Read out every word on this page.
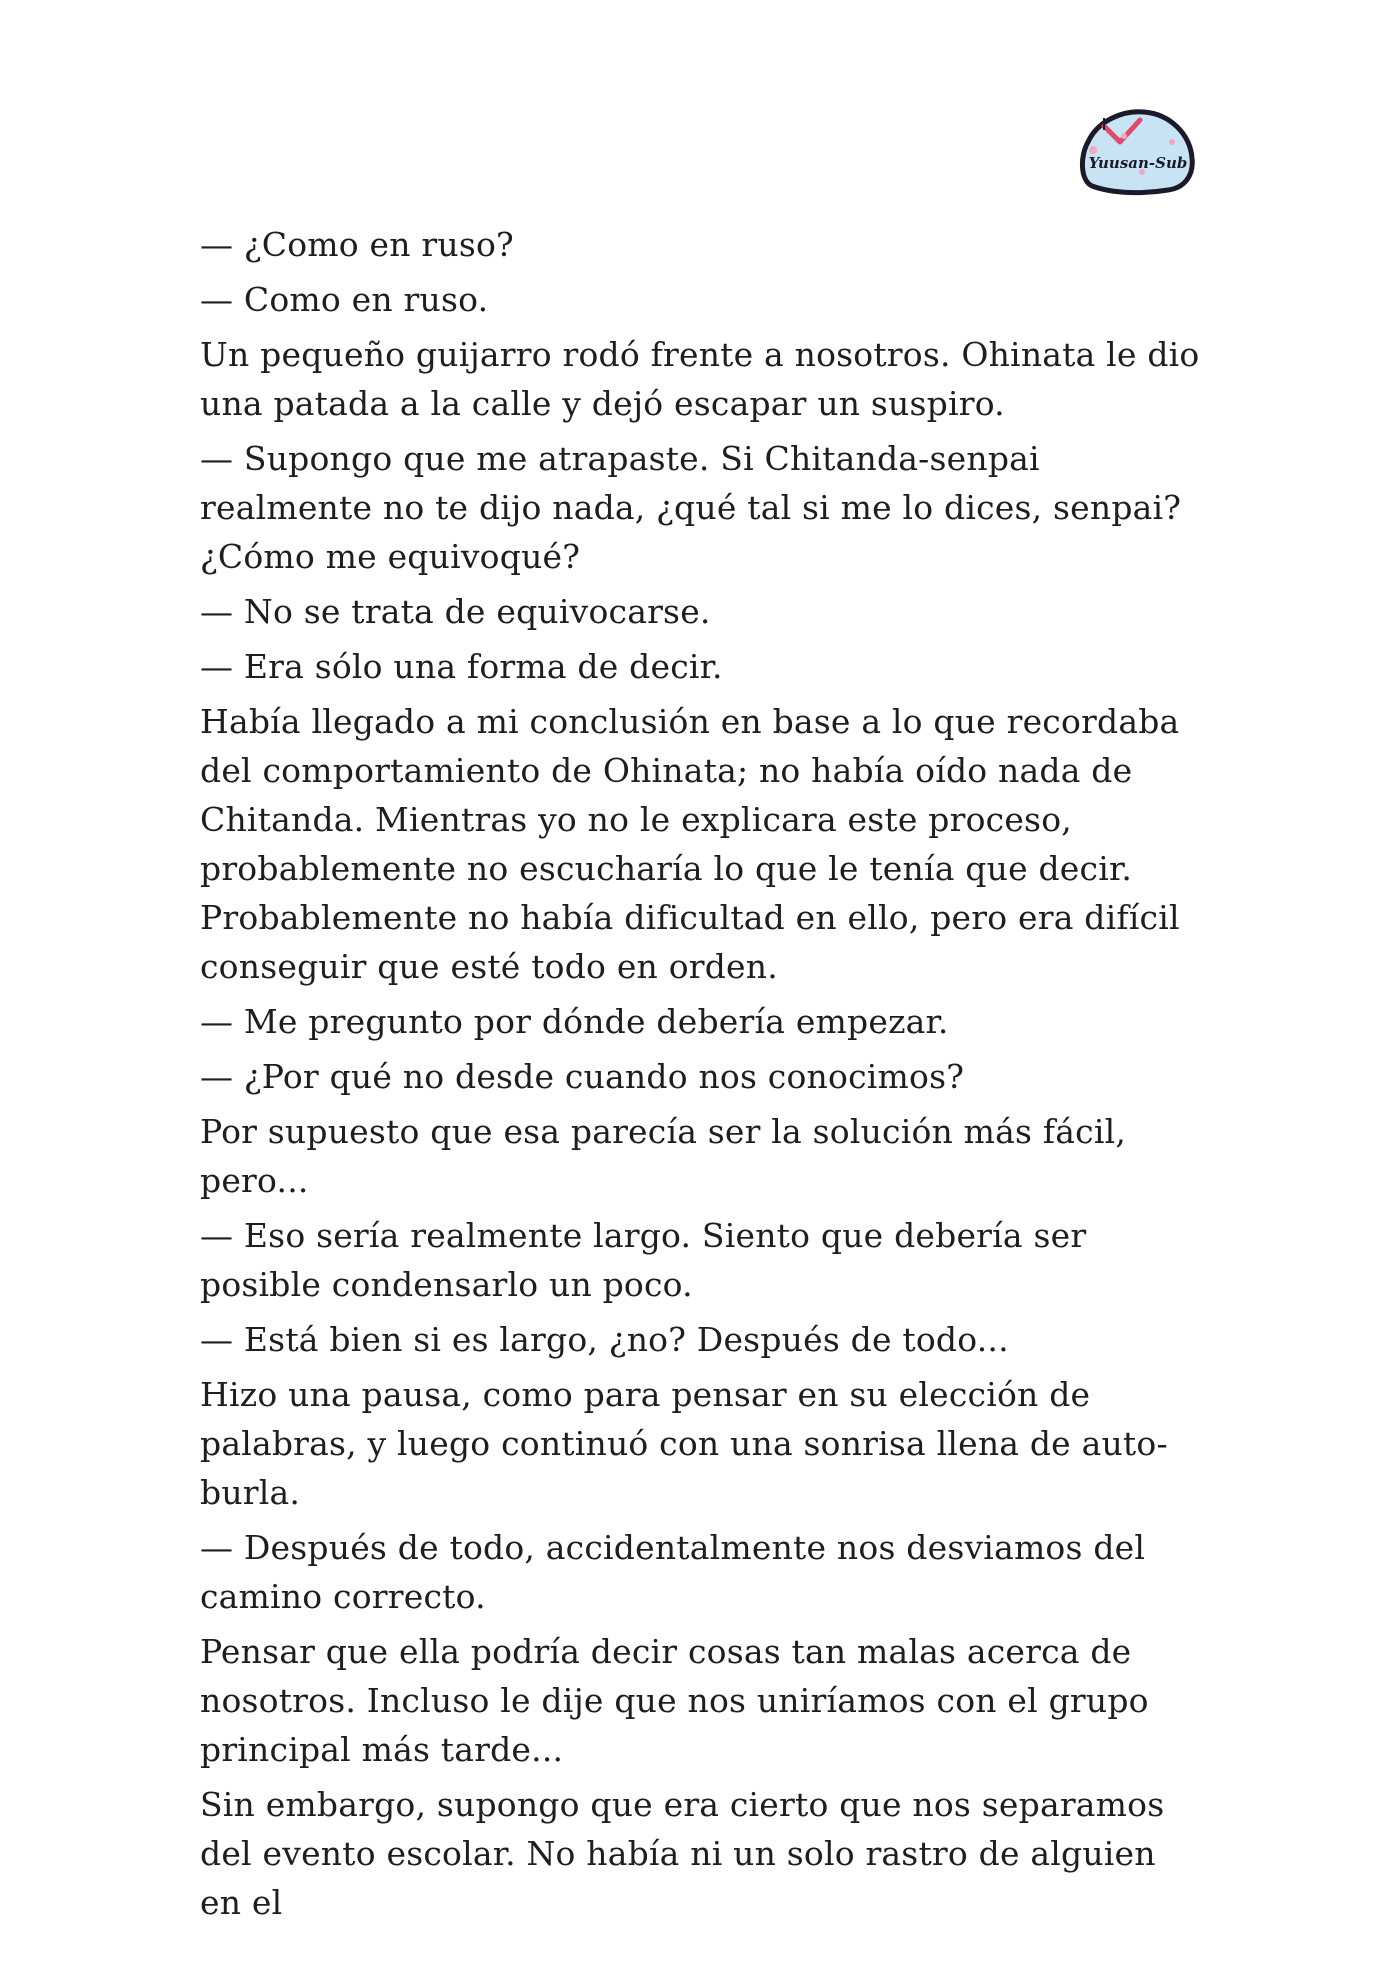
Yuusan-Sub

— ¿Como en ruso?

— Como en ruso.

Un pequeño guijarro rodó frente a nosotros. Ohinata le dio una patada a la calle y dejó escapar un suspiro.

— Supongo que me atrapaste. Si Chitanda-senpai realmente no te dijo nada, ¿qué tal si me lo dices, senpai? ¿Cómo me equivoqué?

— No se trata de equivocarse.

— Era sólo una forma de decir.

Había llegado a mi conclusión en base a lo que recordaba del comportamiento de Ohinata; no había oído nada de Chitanda. Mientras yo no le explicara este proceso, probablemente no escucharía lo que le tenía que decir. Probablemente no había dificultad en ello, pero era difícil conseguir que esté todo en orden.

— Me pregunto por dónde debería empezar.

— ¿Por qué no desde cuando nos conocimos?

Por supuesto que esa parecía ser la solución más fácil, pero...

— Eso sería realmente largo. Siento que debería ser posible condensarlo un poco.

— Está bien si es largo, ¿no? Después de todo...

Hizo una pausa, como para pensar en su elección de palabras, y luego continuó con una sonrisa llena de auto-burla.

— Después de todo, accidentalmente nos desviamos del camino correcto.

Pensar que ella podría decir cosas tan malas acerca de nosotros. Incluso le dije que nos uniríamos con el grupo principal más tarde...

Sin embargo, supongo que era cierto que nos separamos del evento escolar. No había ni un solo rastro de alguien en el
